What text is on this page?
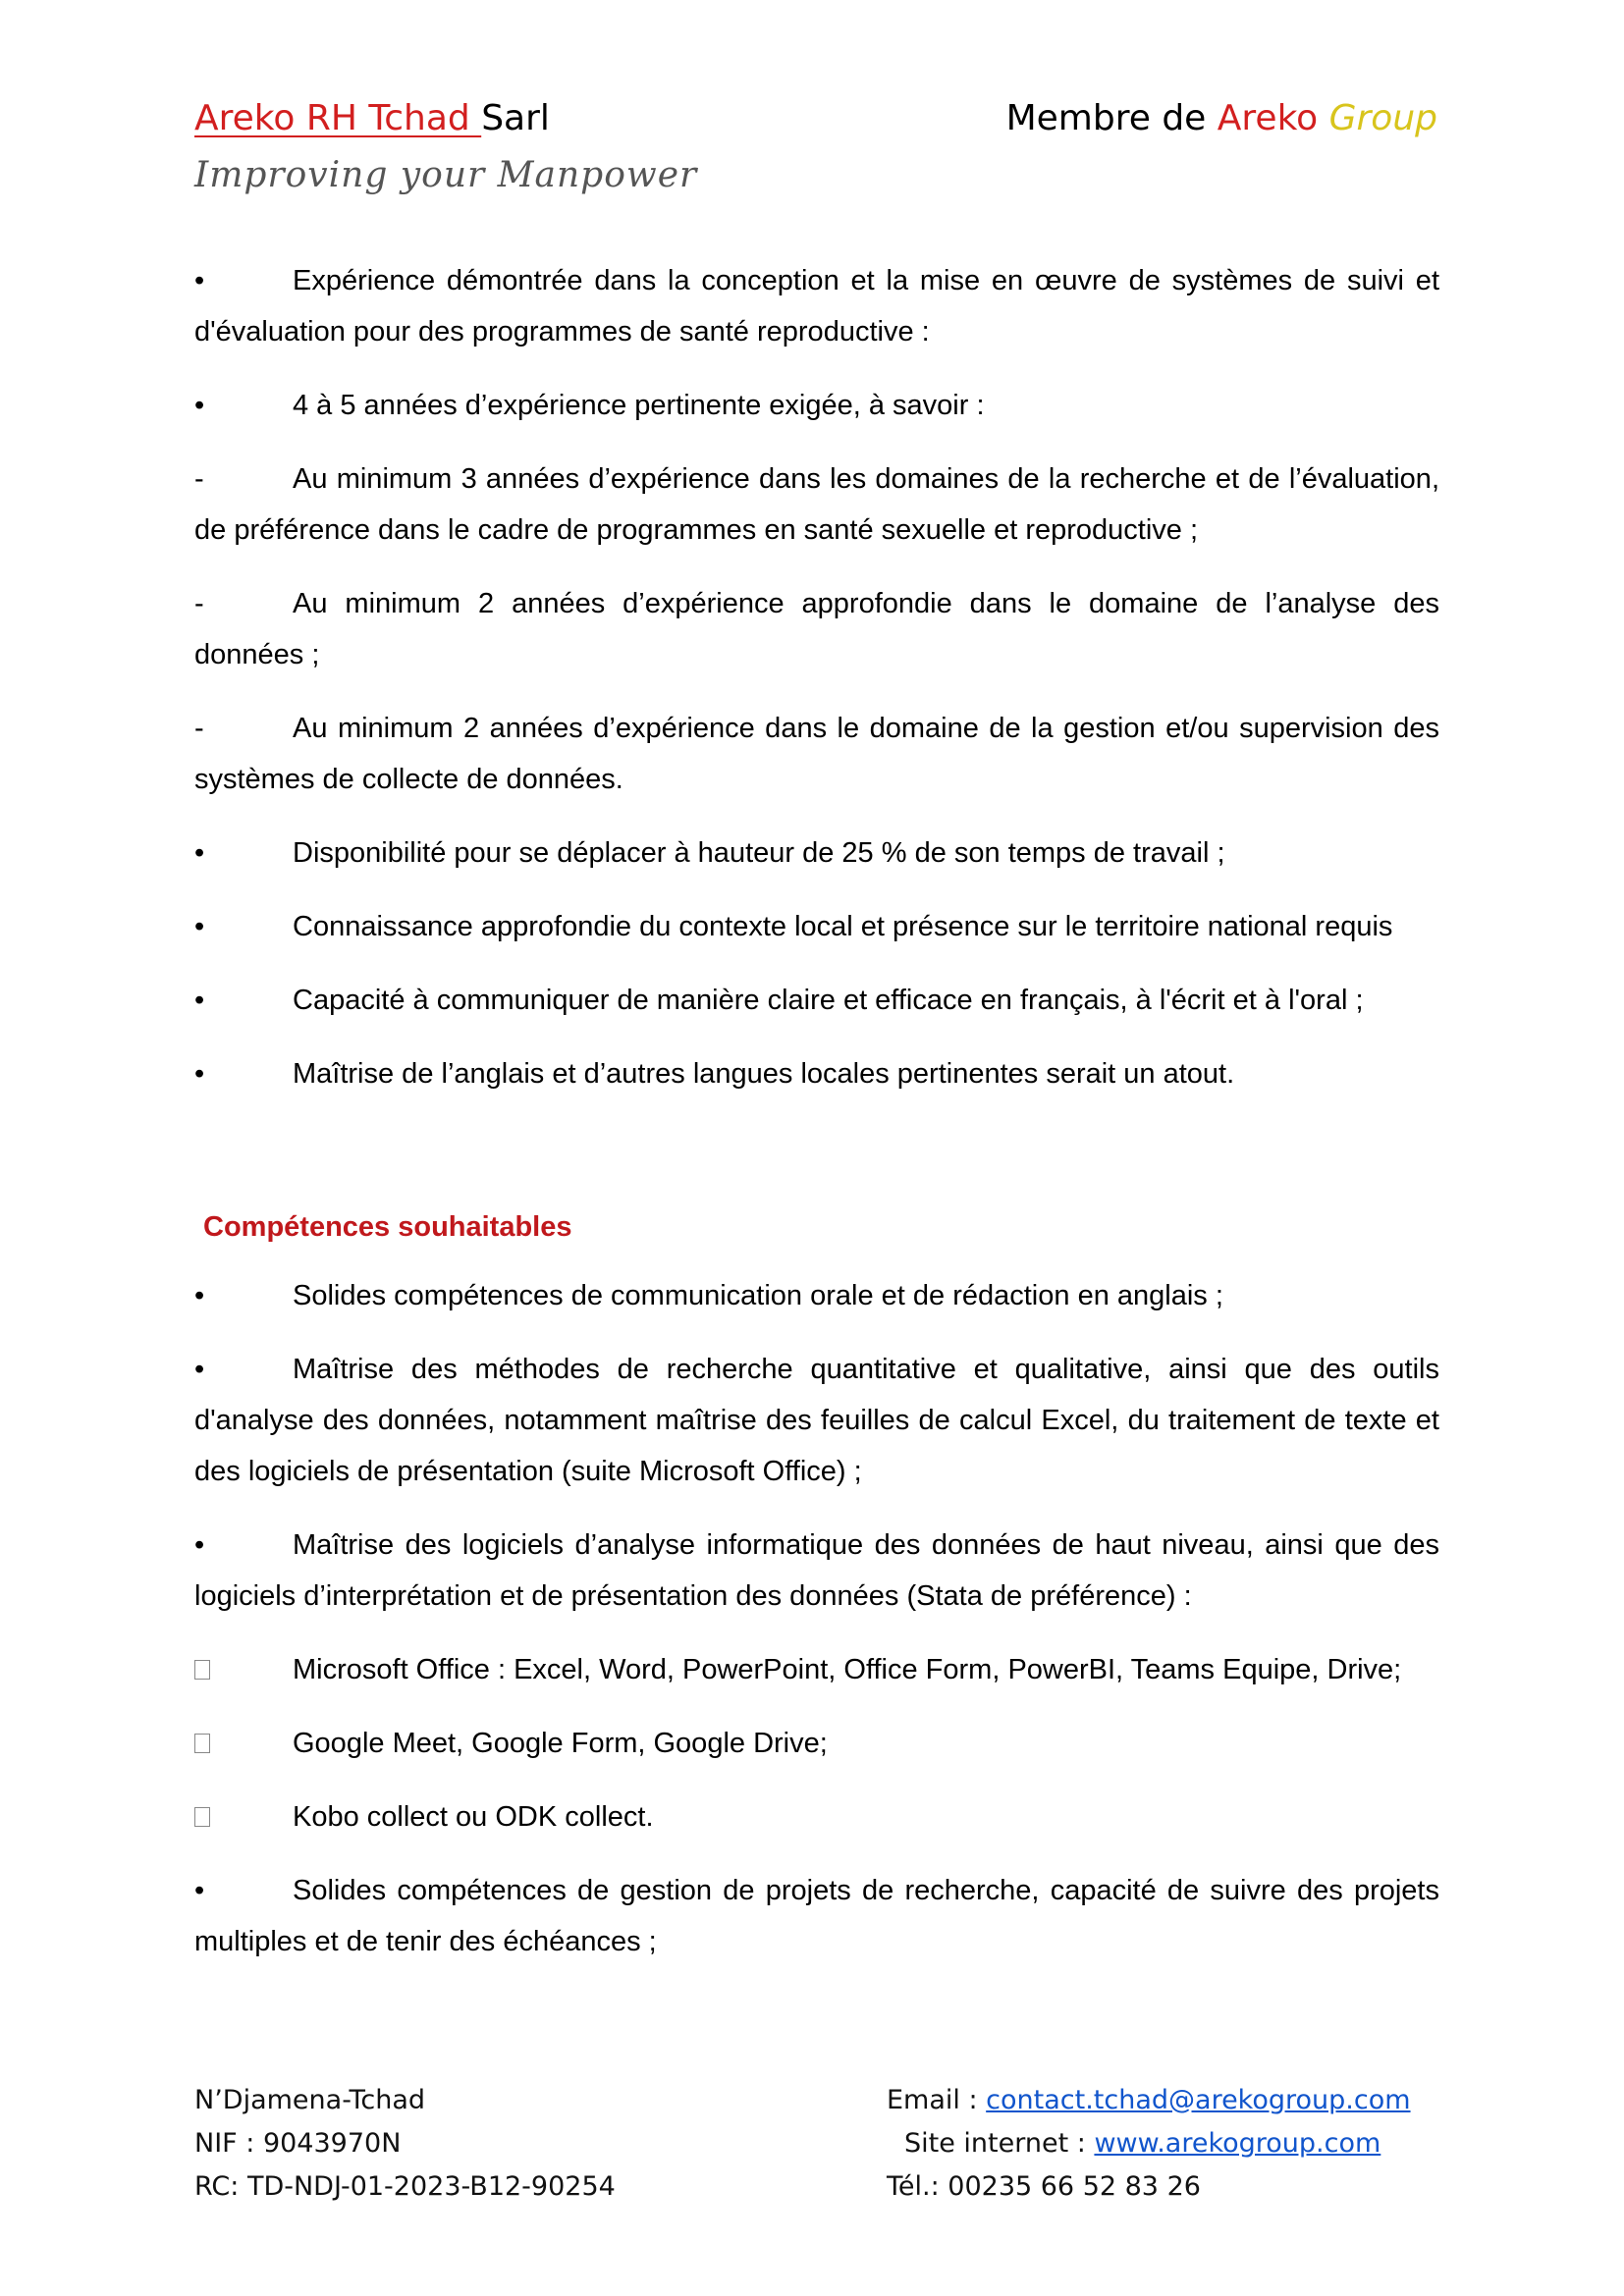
Areko RH Tchad Sarl	Membre de Areko Group
Improving your Manpower
•	Expérience démontrée dans la conception et la mise en œuvre de systèmes de suivi et d'évaluation pour des programmes de santé reproductive :
•	4 à 5 années d’expérience pertinente exigée, à savoir :
-	Au minimum 3 années d’expérience dans les domaines de la recherche et de l’évaluation, de préférence dans le cadre de programmes en santé sexuelle et reproductive ;
-	Au minimum 2 années d’expérience approfondie dans le domaine de l’analyse des données ;
-	Au minimum 2 années d’expérience dans le domaine de la gestion et/ou supervision des systèmes de collecte de données.
•	Disponibilité pour se déplacer à hauteur de 25 % de son temps de travail ;
•	Connaissance approfondie du contexte local et présence sur le territoire national requis
•	Capacité à communiquer de manière claire et efficace en français, à l'écrit et à l'oral ;
•	Maîtrise de l’anglais et d’autres langues locales pertinentes serait un atout.
Compétences souhaitables
•	Solides compétences de communication orale et de rédaction en anglais ;
•	Maîtrise des méthodes de recherche quantitative et qualitative, ainsi que des outils d'analyse des données, notamment maîtrise des feuilles de calcul Excel, du traitement de texte et des logiciels de présentation (suite Microsoft Office) ;
•	Maîtrise des logiciels d’analyse informatique des données de haut niveau, ainsi que des logiciels d’interprétation et de présentation des données (Stata de préférence) :
Microsoft Office : Excel, Word, PowerPoint, Office Form, PowerBI, Teams Equipe, Drive;
Google Meet, Google Form, Google Drive;
Kobo collect ou ODK collect.
•	Solides compétences de gestion de projets de recherche, capacité de suivre des projets multiples et de tenir des échéances ;
N’Djamena-Tchad
NIF : 9043970N
RC: TD-NDJ-01-2023-B12-90254
Email : contact.tchad@arekogroup.com
Site internet : www.arekogroup.com
Tél.: 00235 66 52 83 26
